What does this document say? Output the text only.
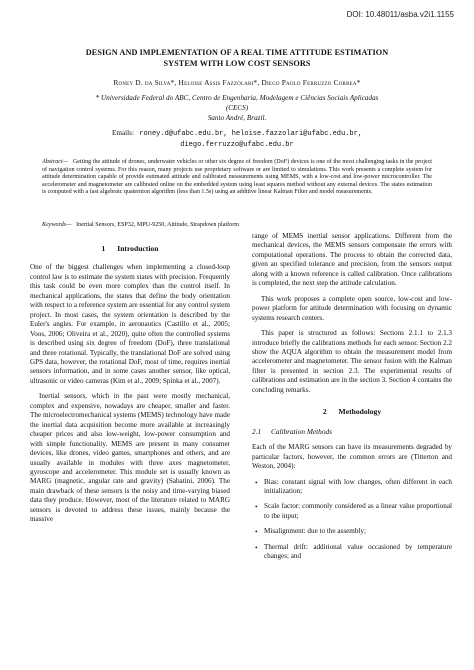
DOI: 10.48011/asba.v2i1.1155
DESIGN AND IMPLEMENTATION OF A REAL TIME ATTITUDE ESTIMATION
SYSTEM WITH LOW COST SENSORS
Roney D. da Silva*, Heloise Assis Fazzolari*, Diego Paolo Ferruzzo Correa*
* Universidade Federal do ABC, Centro de Engenharia, Modelagem e Ciências Sociais Aplicadas
(CECS)
Santo André, Brazil.
Emails: roney.d@ufabc.edu.br, heloise.fazzolari@ufabc.edu.br,
diego.ferruzzo@ufabc.edu.br
Abstract— Getting the attitude of drones, underwater vehicles or other six degree of freedom (DoF) devices is one of the most challenging tasks in the project of navigation control systems. For this reason, many projects use proprietary software or are limited to simulations. This work presents a complete system for attitude determination capable of provide estimated attitude and calibrated measurements using MEMS, with a low-cost and low-power microcontroller. The accelerometer and magnetometer are calibrated online on the embedded system using least squares method without any external devices. The states estimation is computed with a fast algebraic quaternion algorithm (less than 1.5s) using an additive linear Kalman Filter and model measurements.
Keywords— Inertial Sensors, ESP32, MPU-9250, Attitude, Strapdown platform
1 Introduction

One of the biggest challenges when implementing a closed-loop control law is to estimate the system states with precision. Frequently this task could be even more complex than the control itself. In mechanical applications, the states that define the body orientation with respect to a reference system are essential for any control system project. In most cases, the system orientation is described by the Euler's angles. For example, in aeronautics (Castillo et al., 2005; Voos, 2006; Oliveira et al., 2020), quite often the controlled systems is described using six degree of freedom (DoF), three translational and three rotational. Typically, the translational DoF are solved using GPS data, however, the rotational DoF, most of time, requires inertial sensors information, and in some cases another sensor, like optical, ultrasonic or video cameras (Kim et al., 2009; Spinka et al., 2007).

Inertial sensors, which in the past were mostly mechanical, complex and expensive, nowadays are cheaper, smaller and faster. The microelectromechanical systems (MEMS) technology have made the inertial data acquisition become more available at increasingly cheaper prices and also low-weight, low-power consumption and with simple functionality. MEMS are present in many consumer devices, like drones, video games, smartphones and others, and are usually available in modules with three axes magnetometer, gyroscope and accelerometer. This module set is usually known as MARG (magnetic, angular rate and gravity) (Sabatini, 2006). The main drawback of these sensors is the noisy and time-varying biased data they produce. However, most of the literature related to MARG sensors is devoted to address these issues, mainly because the massive

range of MEMS inertial sensor applications. Different from the mechanical devices, the MEMS sensors compensate the errors with computational operations. The process to obtain the corrected data, given an specified tolerance and precision, from the sensors output along with a known reference is called calibration. Once calibrations is completed, the next step the attitude calculation.

This work proposes a complete open source, low-cost and low-power platform for attitude determination with focusing on dynamic systems research centers.

This paper is structured as follows: Sections 2.1.1 to 2.1.3 introduce briefly the calibrations methods for each sensor. Section 2.2 show the AQUA algorithm to obtain the measurement model from accelerometer and magnetometer. The sensor fusion with the Kalman filter is presented in section 2.3. The experimental results of calibrations and estimation are in the section 3. Section 4 contains the concluding remarks.

2 Methodology
2.1 Calibration Methods

Each of the MARG sensors can have its measurements degraded by particular factors, however, the common errors are (Titterton and Weston, 2004):

• Bias: constant signal with low changes, often different in each initialization;
• Scale factor: commonly considered as a linear value proportional to the input;
• Misalignment: due to the assembly;
• Thermal drift: additional value occasioned by temperature changes; and
